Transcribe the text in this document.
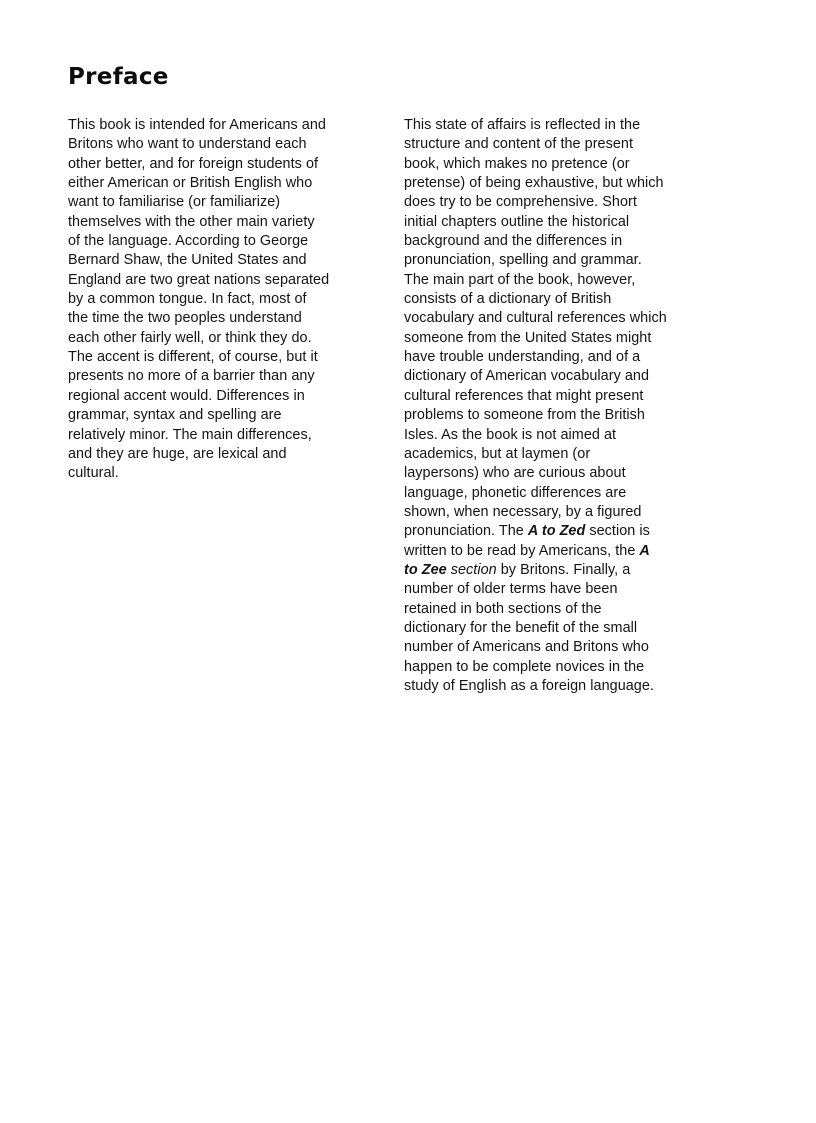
Preface
This book is intended for Americans and
Britons who want to understand each
other better, and for foreign students of
either American or British English who
want to familiarise (or familiarize)
themselves with the other main variety
of the language. According to George
Bernard Shaw, the United States and
England are two great nations separated
by a common tongue. In fact, most of
the time the two peoples understand
each other fairly well, or think they do.
The accent is different, of course, but it
presents no more of a barrier than any
regional accent would. Differences in
grammar, syntax and spelling are
relatively minor. The main differences,
and they are huge, are lexical and
cultural.
This state of affairs is reflected in the
structure and content of the present
book, which makes no pretence (or
pretense) of being exhaustive, but which
does try to be comprehensive. Short
initial chapters outline the historical
background and the differences in
pronunciation, spelling and grammar.
The main part of the book, however,
consists of a dictionary of British
vocabulary and cultural references which
someone from the United States might
have trouble understanding, and of a
dictionary of American vocabulary and
cultural references that might present
problems to someone from the British
Isles. As the book is not aimed at
academics, but at laymen (or
laypersons) who are curious about
language, phonetic differences are
shown, when necessary, by a figured
pronunciation. The A to Zed section is
written to be read by Americans, the A
to Zee section by Britons. Finally, a
number of older terms have been
retained in both sections of the
dictionary for the benefit of the small
number of Americans and Britons who
happen to be complete novices in the
study of English as a foreign language.
